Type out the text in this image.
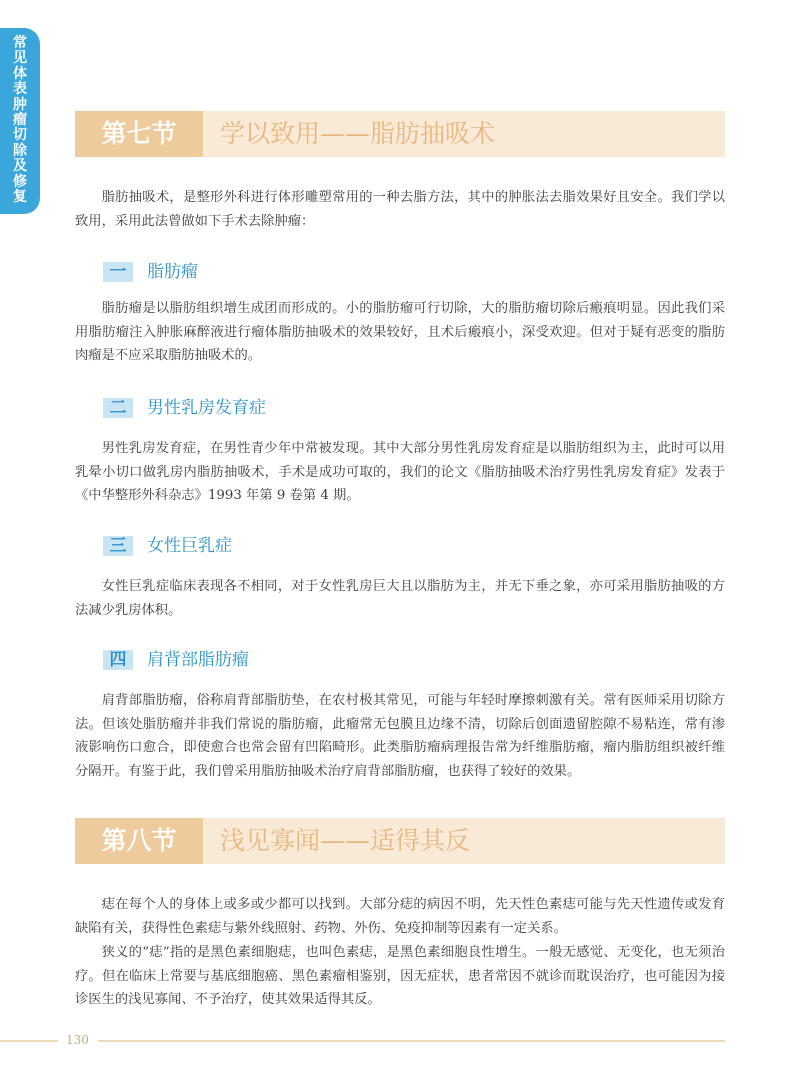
常见体表肿瘤切除及修复
第七节	学以致用——脂肪抽吸术

脂肪抽吸术，是整形外科进行体形雕塑常用的一种去脂方法，其中的肿胀法去脂效果好且安全。我们学以致用，采用此法曾做如下手术去除肿瘤：

一	脂肪瘤

脂肪瘤是以脂肪组织增生成团而形成的。小的脂肪瘤可行切除，大的脂肪瘤切除后瘢痕明显。因此我们采用脂肪瘤注入肿胀麻醉液进行瘤体脂肪抽吸术的效果较好，且术后瘢痕小，深受欢迎。但对于疑有恶变的脂肪肉瘤是不应采取脂肪抽吸术的。

二	男性乳房发育症

男性乳房发育症，在男性青少年中常被发现。其中大部分男性乳房发育症是以脂肪组织为主，此时可以用乳晕小切口做乳房内脂肪抽吸术，手术是成功可取的，我们的论文《脂肪抽吸术治疗男性乳房发育症》发表于《中华整形外科杂志》1993 年第 9 卷第 4 期。

三	女性巨乳症

女性巨乳症临床表现各不相同，对于女性乳房巨大且以脂肪为主，并无下垂之象，亦可采用脂肪抽吸的方法减少乳房体积。

四	肩背部脂肪瘤

肩背部脂肪瘤，俗称肩背部脂肪垫，在农村极其常见，可能与年轻时摩擦刺激有关。常有医师采用切除方法。但该处脂肪瘤并非我们常说的脂肪瘤，此瘤常无包膜且边缘不清，切除后创面遗留腔隙不易粘连，常有渗液影响伤口愈合，即使愈合也常会留有凹陷畸形。此类脂肪瘤病理报告常为纤维脂肪瘤，瘤内脂肪组织被纤维分隔开。有鉴于此，我们曾采用脂肪抽吸术治疗肩背部脂肪瘤，也获得了较好的效果。

第八节	浅见寡闻——适得其反

痣在每个人的身体上或多或少都可以找到。大部分痣的病因不明，先天性色素痣可能与先天性遗传或发育缺陷有关，获得性色素痣与紫外线照射、药物、外伤、免疫抑制等因素有一定关系。

狭义的“痣”指的是黑色素细胞痣，也叫色素痣，是黑色素细胞良性增生。一般无感觉、无变化，也无须治疗。但在临床上常要与基底细胞癌、黑色素瘤相鉴别，因无症状，患者常因不就诊而耽误治疗，也可能因为接诊医生的浅见寡闻、不予治疗，使其效果适得其反。

130
